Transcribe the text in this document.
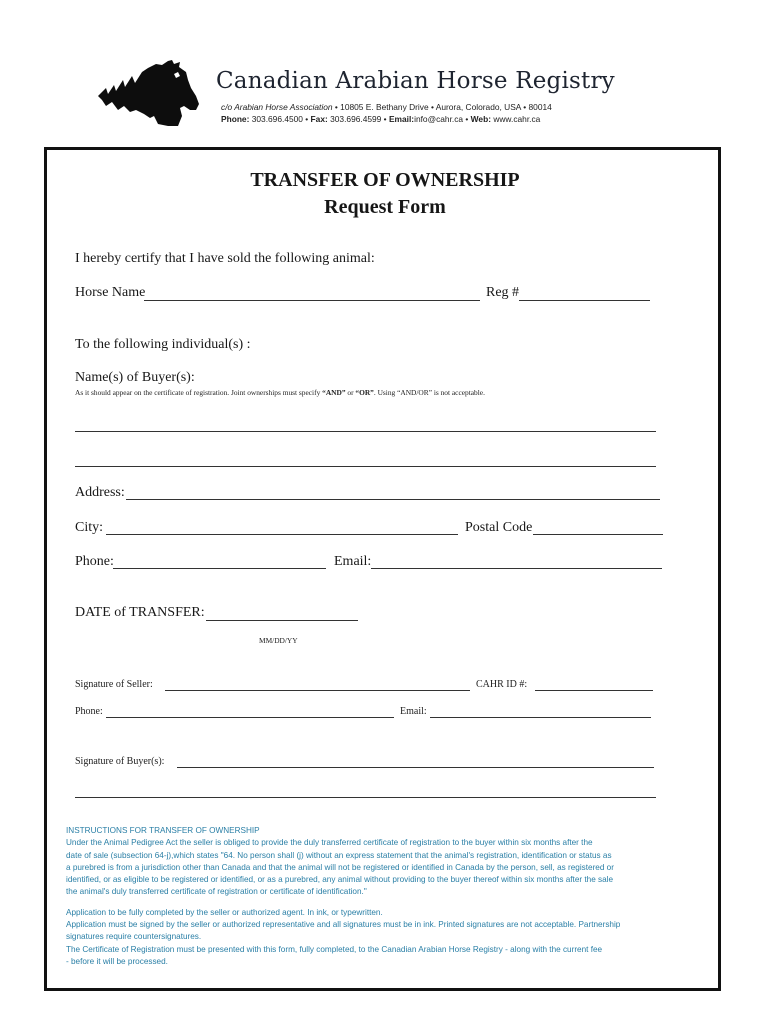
Canadian Arabian Horse Registry
c/o Arabian Horse Association • 10805 E. Bethany Drive • Aurora, Colorado, USA • 80014
Phone: 303.696.4500 • Fax: 303.696.4599 • Email:info@cahr.ca • Web: www.cahr.ca
TRANSFER OF OWNERSHIP
Request Form
I hereby certify that I have sold the following animal:
Horse Name	Reg #
To the following individual(s) :
Name(s) of Buyer(s):
As it should appear on the certificate of registration. Joint ownerships must specify “AND” or “OR”. Using “AND/OR” is not acceptable.
Address:
City:	Postal Code
Phone:	Email:
DATE of TRANSFER:
MM/DD/YY
Signature of Seller:	CAHR ID #:
Phone:	Email:
Signature of Buyer(s):

INSTRUCTIONS FOR TRANSFER OF OWNERSHIP

Under the Animal Pedigree Act the seller is obliged to provide the duly transferred certificate of registration to the buyer within six months after the

date of sale (subsection 64-j),which states "64. No person shall (j) without an express statement that the animal's registration, identification or status as

a purebred is from a jurisdiction other than Canada and that the animal will not be registered or identified in Canada by the person, sell, as registered or

identified, or as eligible to be registered or identified, or as a purebred, any animal without providing to the buyer thereof within six months after the sale

the animal's duly transferred certificate of registration or certificate of identification."

Application to be fully completed by the seller or authorized agent. In ink, or typewritten.

Application must be signed by the seller or authorized representative and all signatures must be in ink. Printed signatures are not acceptable. Partnership

signatures require countersignatures.

The Certificate of Registration must be presented with this form, fully completed, to the Canadian Arabian Horse Registry - along with the current fee

- before it will be processed.
